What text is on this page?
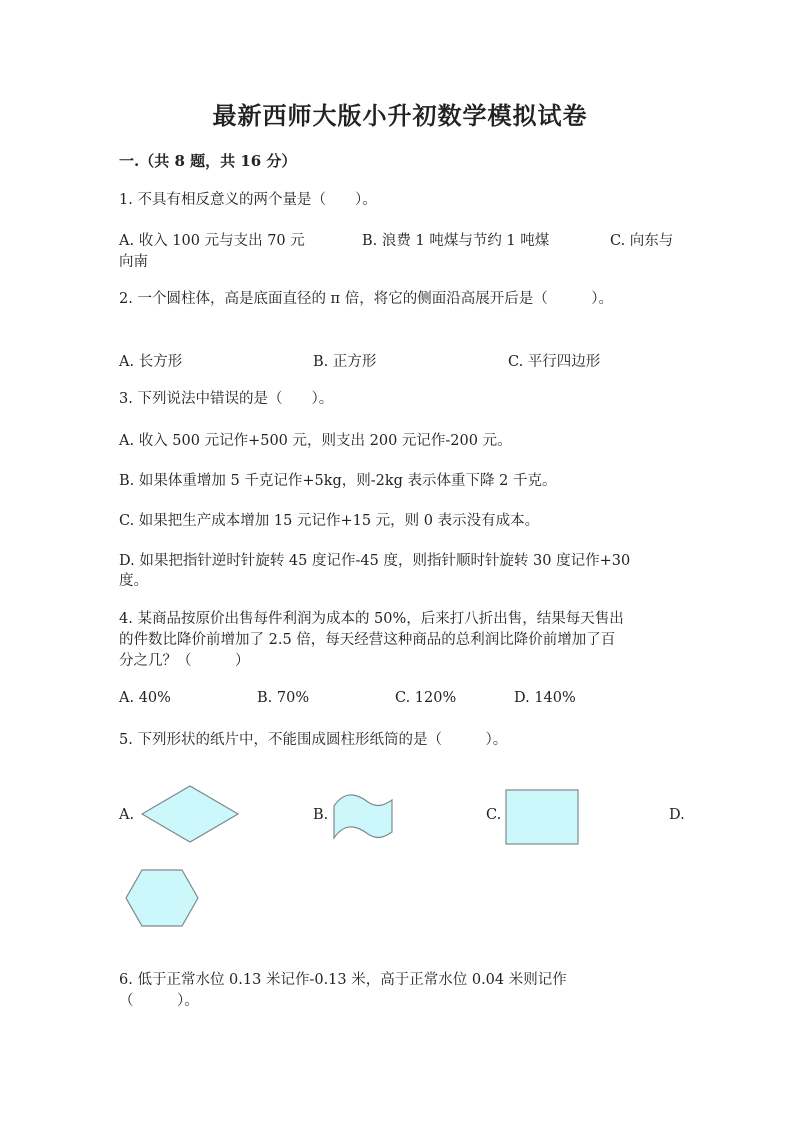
最新西师大版小升初数学模拟试卷
一.（共 8 题，共 16 分）
1. 不具有相反意义的两个量是（　　）。
A. 收入 100 元与支出 70 元	B. 浪费 1 吨煤与节约 1 吨煤	C. 向东与
向南
2. 一个圆柱体，高是底面直径的 π 倍，将它的侧面沿高展开后是（　　　）。
A. 长方形	B. 正方形	C. 平行四边形
3. 下列说法中错误的是（　　）。
A. 收入 500 元记作+500 元，则支出 200 元记作-200 元。
B. 如果体重增加 5 千克记作+5kg，则-2kg 表示体重下降 2 千克。
C. 如果把生产成本增加 15 元记作+15 元，则 0 表示没有成本。
D. 如果把指针逆时针旋转 45 度记作-45 度，则指针顺时针旋转 30 度记作+30
度。
4. 某商品按原价出售每件利润为成本的 50%，后来打八折出售，结果每天售出
的件数比降价前增加了 2.5 倍，每天经营这种商品的总利润比降价前增加了百
分之几？（　　　）
A. 40%	B. 70%	C. 120%	D. 140%
5. 下列形状的纸片中，不能围成圆柱形纸筒的是（　　　）。
A.	B.	C.	D.
6. 低于正常水位 0.13 米记作-0.13 米，高于正常水位 0.04 米则记作
（　　　）。
